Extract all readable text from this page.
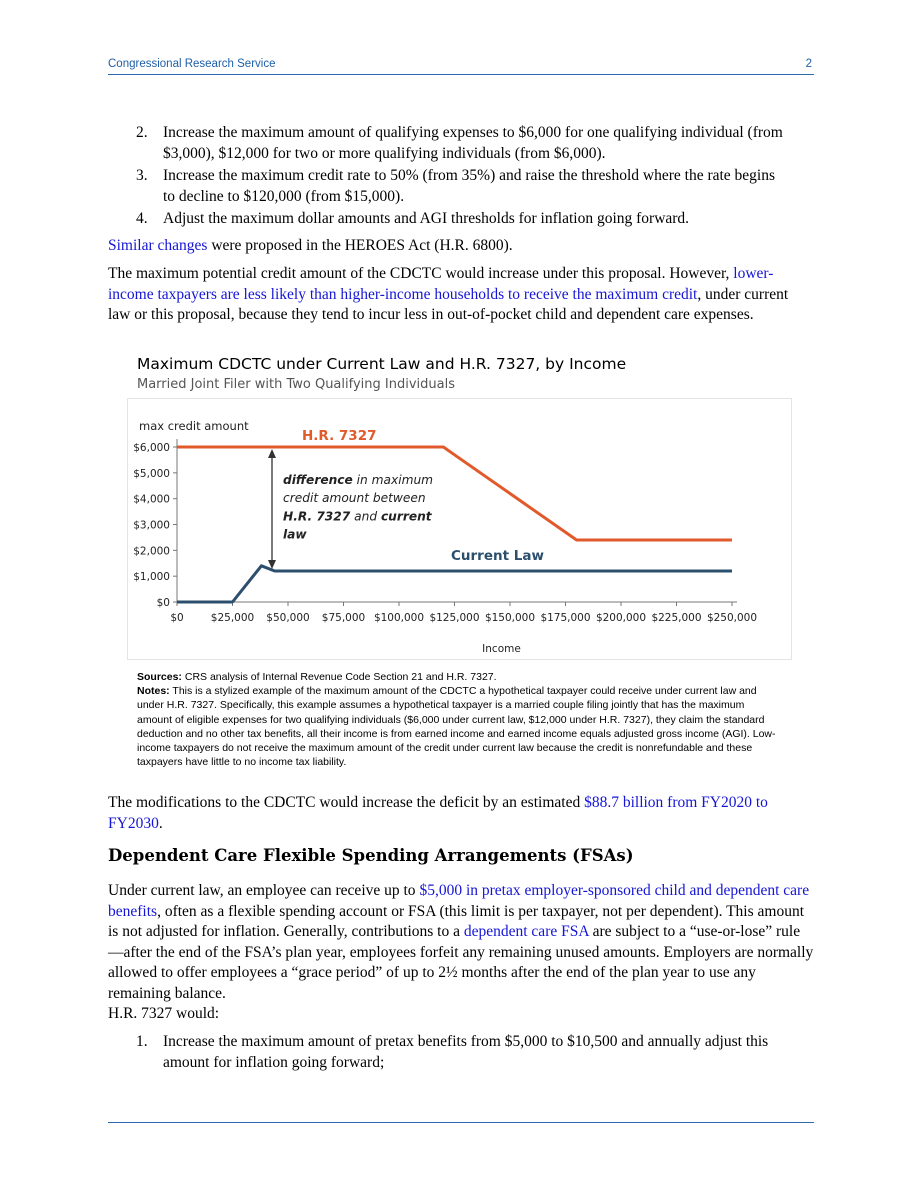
Congressional Research Service	2
2. Increase the maximum amount of qualifying expenses to $6,000 for one qualifying individual (from $3,000), $12,000 for two or more qualifying individuals (from $6,000).
3. Increase the maximum credit rate to 50% (from 35%) and raise the threshold where the rate begins to decline to $120,000 (from $15,000).
4. Adjust the maximum dollar amounts and AGI thresholds for inflation going forward.
Similar changes were proposed in the HEROES Act (H.R. 6800).
The maximum potential credit amount of the CDCTC would increase under this proposal. However, lower-income taxpayers are less likely than higher-income households to receive the maximum credit, under current law or this proposal, because they tend to incur less in out-of-pocket child and dependent care expenses.
Maximum CDCTC under Current Law and H.R. 7327, by Income
Married Joint Filer with Two Qualifying Individuals
$0
$1,000
$2,000
$3,000
$4,000
$5,000
$6,000
$0	$25,000 $50,000 $75,000 $100,000 $125,000 $150,000 $175,000 $200,000 $225,000 $250,000
max credit amount
Income
H.R. 7327
Current Law
difference in maximum
credit amount between
H.R. 7327 and current
law
Sources: CRS analysis of Internal Revenue Code Section 21 and H.R. 7327.
Notes: This is a stylized example of the maximum amount of the CDCTC a hypothetical taxpayer could receive under current law and under H.R. 7327. Specifically, this example assumes a hypothetical taxpayer is a married couple filing jointly that has the maximum amount of eligible expenses for two qualifying individuals ($6,000 under current law, $12,000 under H.R. 7327), they claim the standard deduction and no other tax benefits, all their income is from earned income and earned income equals adjusted gross income (AGI). Low-income taxpayers do not receive the maximum amount of the credit under current law because the credit is nonrefundable and these taxpayers have little to no income tax liability.
The modifications to the CDCTC would increase the deficit by an estimated $88.7 billion from FY2020 to FY2030.
Dependent Care Flexible Spending Arrangements (FSAs)
Under current law, an employee can receive up to $5,000 in pretax employer-sponsored child and dependent care benefits, often as a flexible spending account or FSA (this limit is per taxpayer, not per dependent). This amount is not adjusted for inflation. Generally, contributions to a dependent care FSA are subject to a “use-or-lose” rule—after the end of the FSA’s plan year, employees forfeit any remaining unused amounts. Employers are normally allowed to offer employees a “grace period” of up to 2½ months after the end of the plan year to use any remaining balance.
H.R. 7327 would:
1. Increase the maximum amount of pretax benefits from $5,000 to $10,500 and annually adjust this amount for inflation going forward;
